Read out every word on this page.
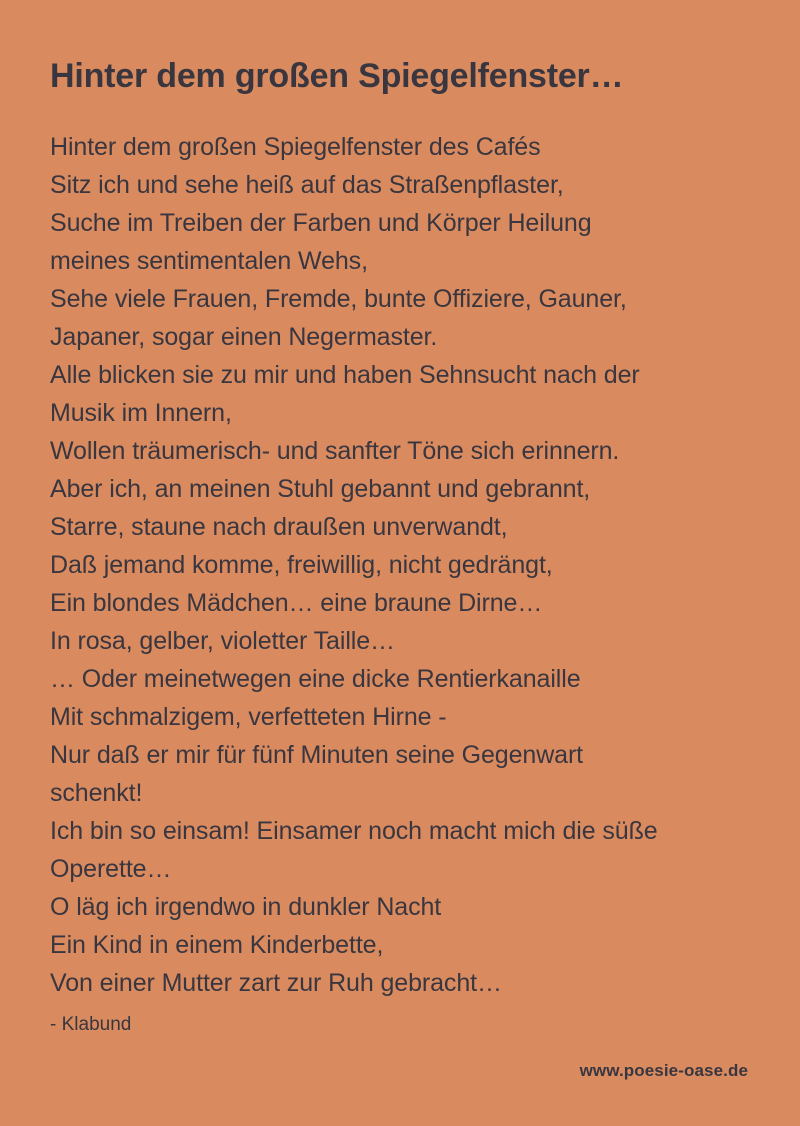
Hinter dem großen Spiegelfenster…
Hinter dem großen Spiegelfenster des Cafés
Sitz ich und sehe heiß auf das Straßenpflaster,
Suche im Treiben der Farben und Körper Heilung
meines sentimentalen Wehs,
Sehe viele Frauen, Fremde, bunte Offiziere, Gauner,
Japaner, sogar einen Negermaster.
Alle blicken sie zu mir und haben Sehnsucht nach der
Musik im Innern,
Wollen träumerisch- und sanfter Töne sich erinnern.
Aber ich, an meinen Stuhl gebannt und gebrannt,
Starre, staune nach draußen unverwandt,
Daß jemand komme, freiwillig, nicht gedrängt,
Ein blondes Mädchen… eine braune Dirne…
In rosa, gelber, violetter Taille…
… Oder meinetwegen eine dicke Rentierkanaille
Mit schmalzigem, verfetteten Hirne -
Nur daß er mir für fünf Minuten seine Gegenwart
schenkt!
Ich bin so einsam! Einsamer noch macht mich die süße
Operette…
O läg ich irgendwo in dunkler Nacht
Ein Kind in einem Kinderbette,
Von einer Mutter zart zur Ruh gebracht…
- Klabund
www.poesie-oase.de
